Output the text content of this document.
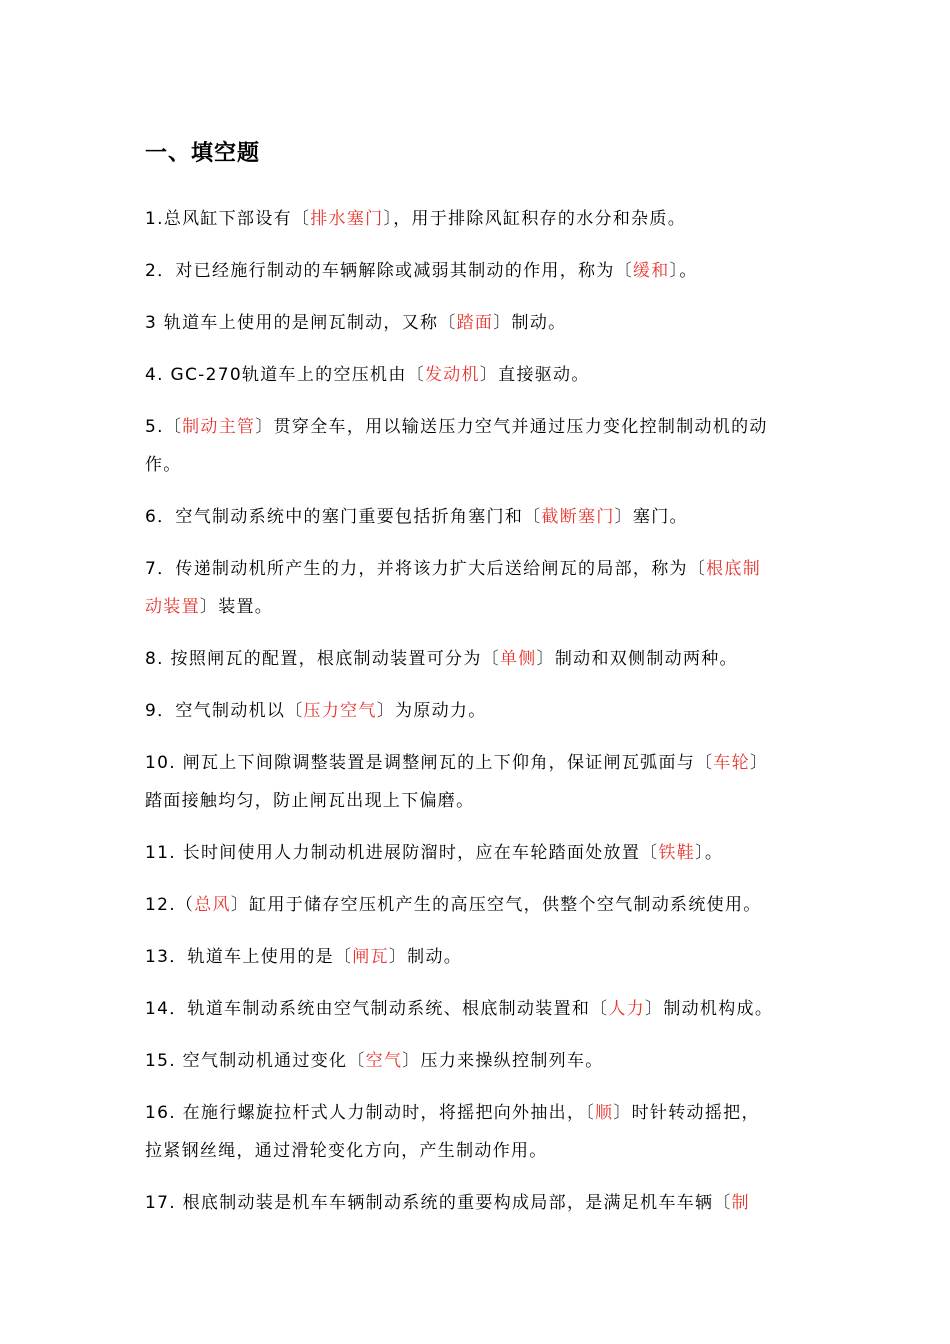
一、填空题
1.总风缸下部设有〔排水塞门〕，用于排除风缸积存的水分和杂质。
2．对已经施行制动的车辆解除或减弱其制动的作用，称为〔缓和〕。
3 轨道车上使用的是闸瓦制动，又称〔踏面〕制动。
4. GC-270轨道车上的空压机由〔发动机〕直接驱动。
5.〔制动主管〕贯穿全车，用以输送压力空气并通过压力变化控制制动机的动
作。
6．空气制动系统中的塞门重要包括折角塞门和〔截断塞门〕塞门。
7．传递制动机所产生的力，并将该力扩大后送给闸瓦的局部，称为〔根底制
动装置〕装置。
8. 按照闸瓦的配置，根底制动装置可分为〔单侧〕制动和双侧制动两种。
9．空气制动机以〔压力空气〕为原动力。
10. 闸瓦上下间隙调整装置是调整闸瓦的上下仰角，保证闸瓦弧面与〔车轮〕
踏面接触均匀，防止闸瓦出现上下偏磨。
11. 长时间使用人力制动机进展防溜时，应在车轮踏面处放置〔铁鞋〕。
12.（总风〕缸用于储存空压机产生的高压空气，供整个空气制动系统使用。
13．轨道车上使用的是〔闸瓦〕制动。
14．轨道车制动系统由空气制动系统、根底制动装置和〔人力〕制动机构成。
15. 空气制动机通过变化〔空气〕压力来操纵控制列车。
16. 在施行螺旋拉杆式人力制动时，将摇把向外抽出，〔顺〕时针转动摇把，
拉紧钢丝绳，通过滑轮变化方向，产生制动作用。
17. 根底制动装是机车车辆制动系统的重要构成局部，是满足机车车辆〔制
